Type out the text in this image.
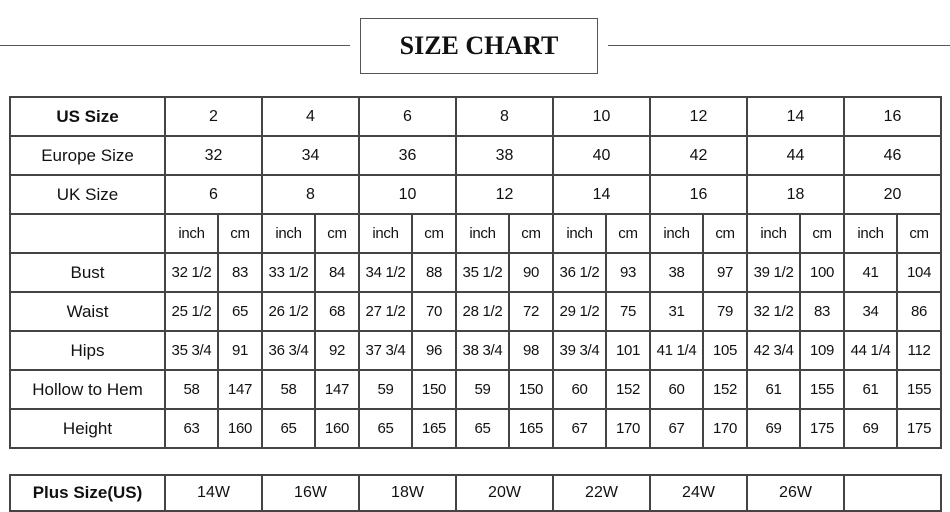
SIZE CHART
US Size	2		4		6		8		10		12		14		16	
Europe Size	32		34		36		38		40		42		44		46	
UK Size	6		8		10		12		14		16		18		20	
	inch	cm	inch	cm	inch	cm	inch	cm	inch	cm	inch	cm	inch	cm	inch	cm
Bust	32 1/2	83	33 1/2	84	34 1/2	88	35 1/2	90	36 1/2	93	38	97	39 1/2	100	41	104
Waist	25 1/2	65	26 1/2	68	27 1/2	70	28 1/2	72	29 1/2	75	31	79	32 1/2	83	34	86
Hips	35 3/4	91	36 3/4	92	37 3/4	96	38 3/4	98	39 3/4	101	41 1/4	105	42 3/4	109	44 1/4	112
Hollow to Hem	58	147	58	147	59	150	59	150	60	152	60	152	61	155	61	155
Height	63	160	65	160	65	165	65	165	67	170	67	170	69	175	69	175
Plus Size(US)	14W	16W	18W	20W	22W	24W	26W	
